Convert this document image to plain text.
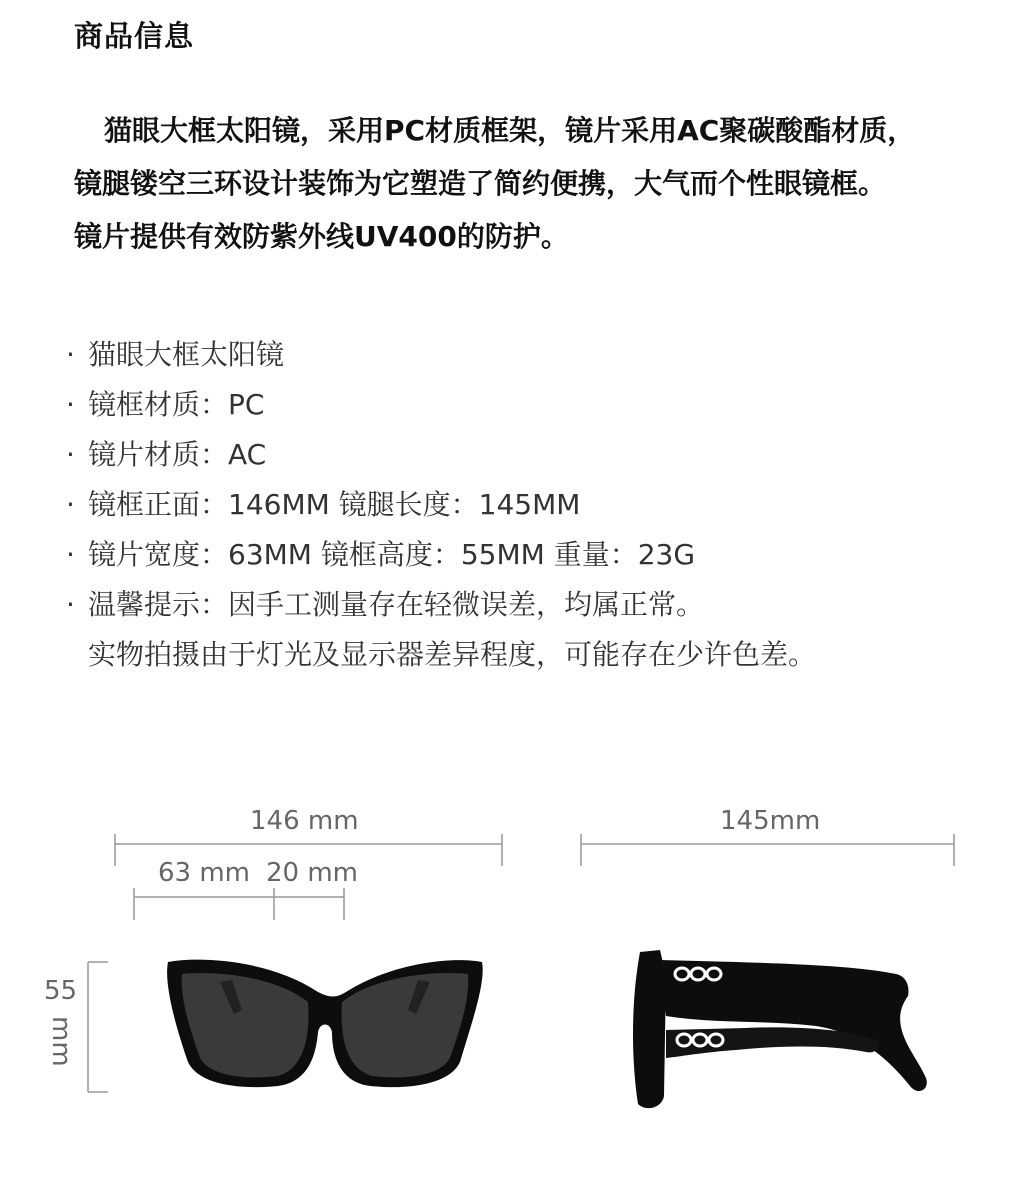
商品信息

猫眼大框太阳镜，采用PC材质框架，镜片采用AC聚碳酸酯材质，
镜腿镂空三环设计装饰为它塑造了简约便携，大气而个性眼镜框。
镜片提供有效防紫外线UV400的防护。

· 猫眼大框太阳镜
· 镜框材质：PC
· 镜片材质：AC
· 镜框正面：146MM 镜腿长度：145MM
· 镜片宽度：63MM 镜框高度：55MM 重量：23G
· 温馨提示：因手工测量存在轻微误差，均属正常。
实物拍摄由于灯光及显示器差异程度，可能存在少许色差。
146 mm
63 mm 20 mm
145mm
55
mm
